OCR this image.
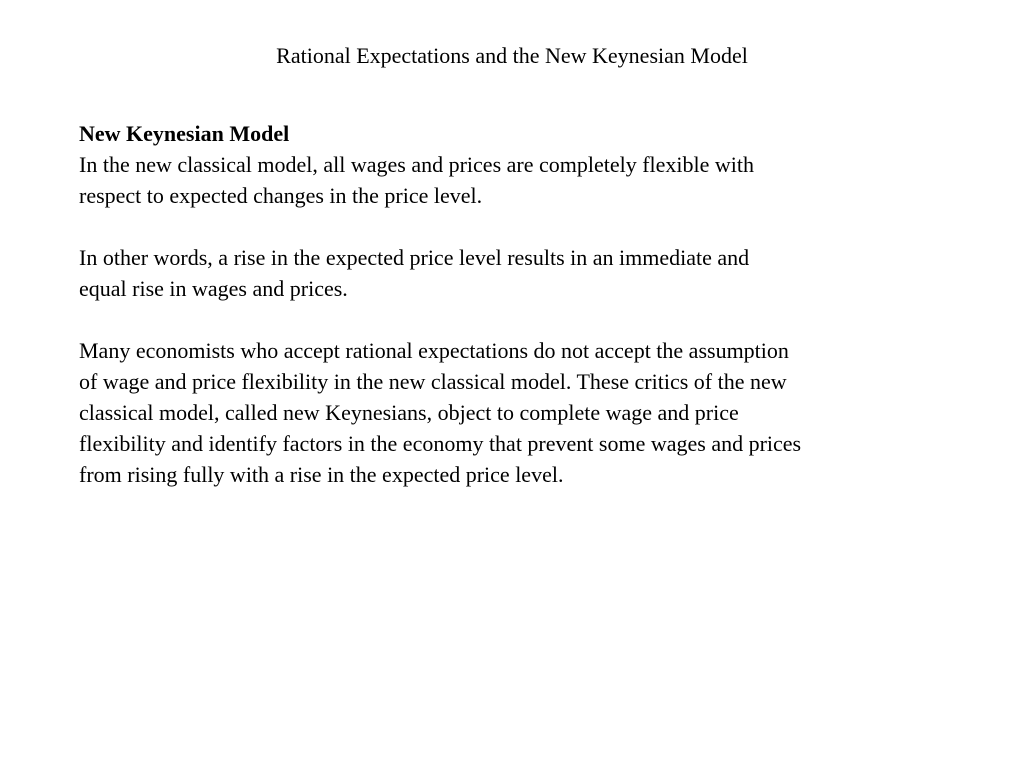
Rational Expectations and the New Keynesian Model
New Keynesian Model

In the new classical model, all wages and prices are completely flexible with
respect to expected changes in the price level.

In other words, a rise in the expected price level results in an immediate and
equal rise in wages and prices.

Many economists who accept rational expectations do not accept the assumption
of wage and price flexibility in the new classical model. These critics of the new
classical model, called new Keynesians, object to complete wage and price
flexibility and identify factors in the economy that prevent some wages and prices
from rising fully with a rise in the expected price level.
